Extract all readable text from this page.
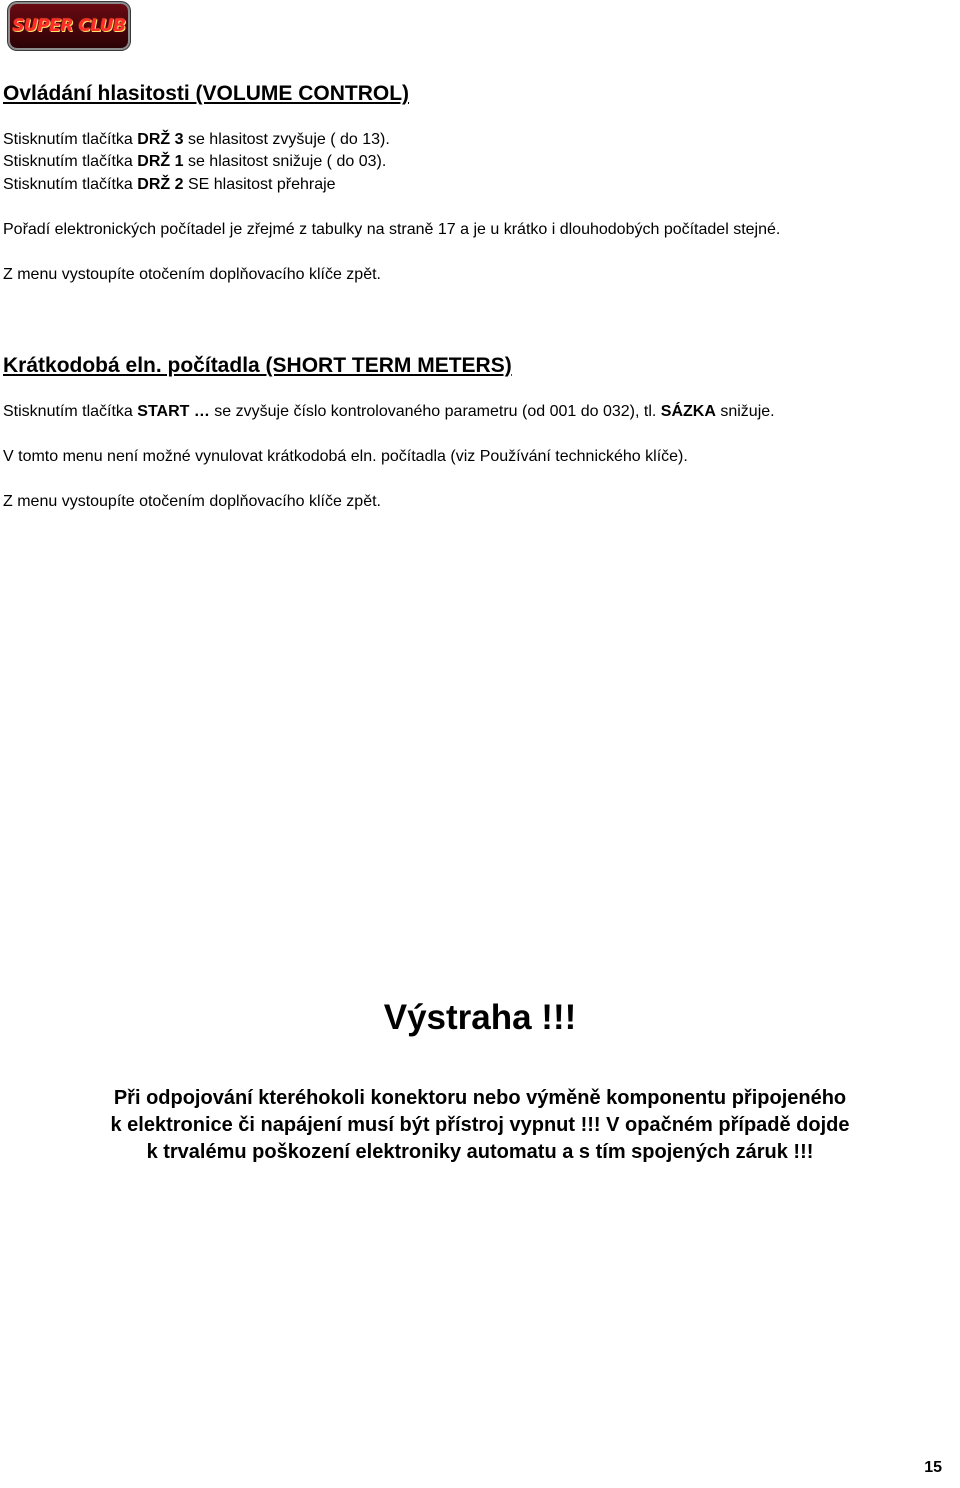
SUPER CLUB
Ovládání hlasitosti (VOLUME CONTROL)
Stisknutím tlačítka DRŽ 3 se hlasitost zvyšuje ( do 13).
Stisknutím tlačítka DRŽ 1 se hlasitost snižuje ( do 03).
Stisknutím tlačítka DRŽ 2 SE hlasitost přehraje
Pořadí elektronických počítadel je zřejmé z tabulky na straně 17 a je u krátko i dlouhodobých počítadel stejné.
Z menu vystoupíte otočením doplňovacího klíče zpět.
Krátkodobá eln. počítadla (SHORT TERM METERS)
Stisknutím tlačítka START … se zvyšuje číslo kontrolovaného parametru (od 001 do 032), tl. SÁZKA snižuje.
V tomto menu není možné vynulovat krátkodobá eln. počítadla (viz Používání technického klíče).
Z menu vystoupíte otočením doplňovacího klíče zpět.
Výstraha !!!
Při odpojování kteréhokoli konektoru nebo výměně komponentu připojeného
k elektronice či napájení musí být přístroj vypnut !!! V opačném případě dojde
k trvalému poškození elektroniky automatu a s tím spojených záruk !!!
15
